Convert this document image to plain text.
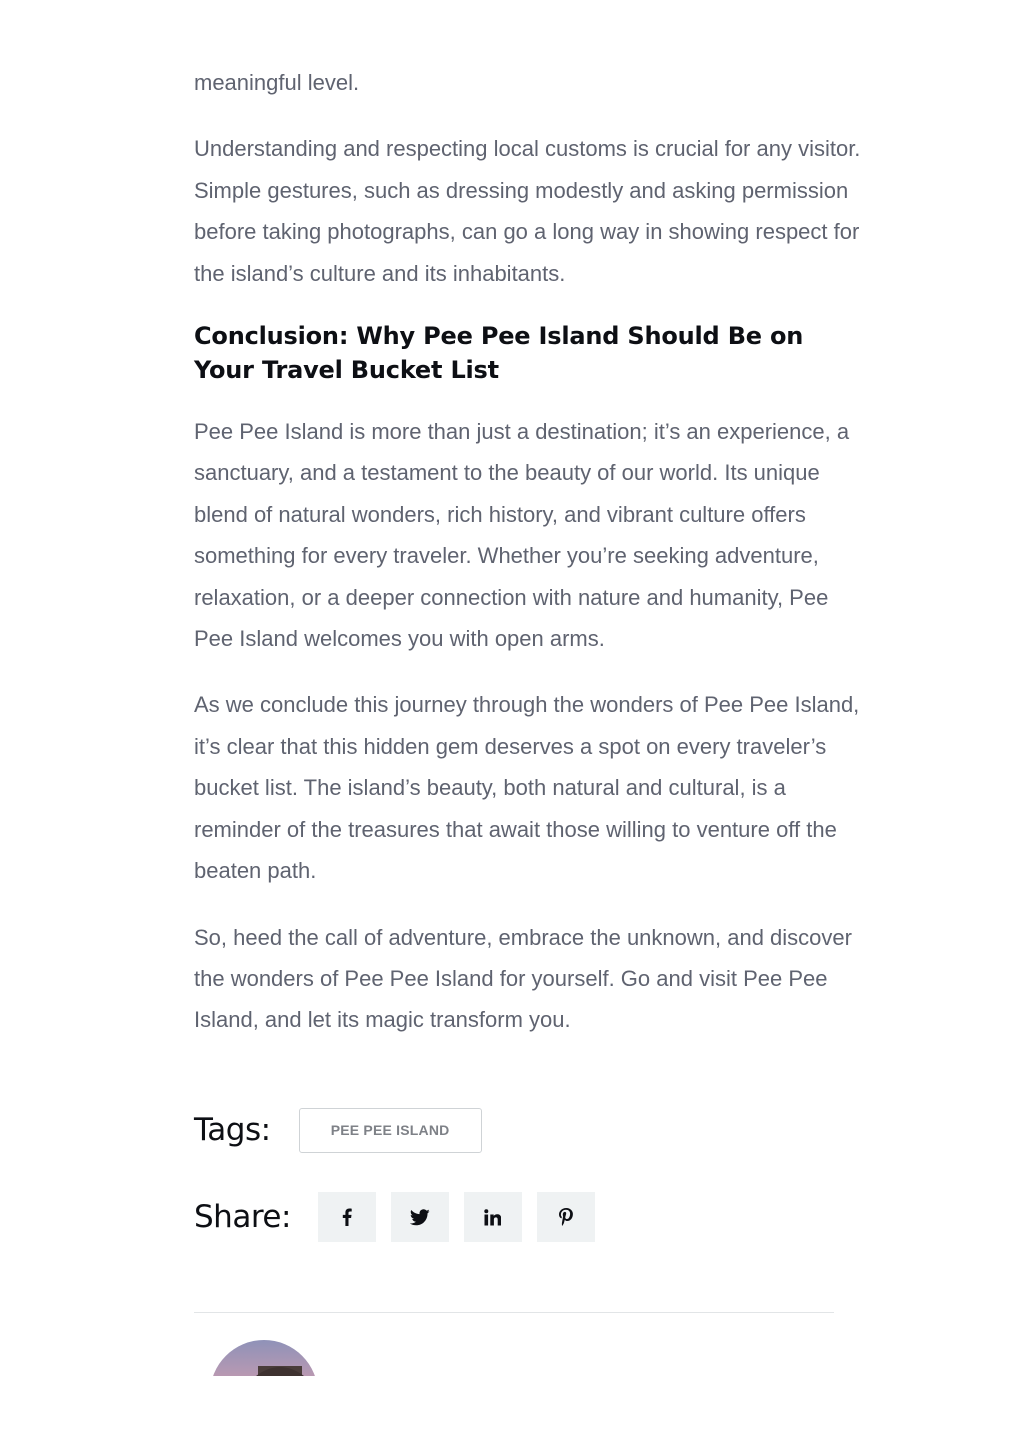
meaningful level.

Understanding and respecting local customs is crucial for any visitor. Simple gestures, such as dressing modestly and asking permission before taking photographs, can go a long way in showing respect for the island’s culture and its inhabitants.

Conclusion: Why Pee Pee Island Should Be on Your Travel Bucket List

Pee Pee Island is more than just a destination; it’s an experience, a sanctuary, and a testament to the beauty of our world. Its unique blend of natural wonders, rich history, and vibrant culture offers something for every traveler. Whether you’re seeking adventure, relaxation, or a deeper connection with nature and humanity, Pee Pee Island welcomes you with open arms.

As we conclude this journey through the wonders of Pee Pee Island, it’s clear that this hidden gem deserves a spot on every traveler’s bucket list. The island’s beauty, both natural and cultural, is a reminder of the treasures that await those willing to venture off the beaten path.

So, heed the call of adventure, embrace the unknown, and discover the wonders of Pee Pee Island for yourself. Go and visit Pee Pee Island, and let its magic transform you.

Tags:	PEE PEE ISLAND
Share:
